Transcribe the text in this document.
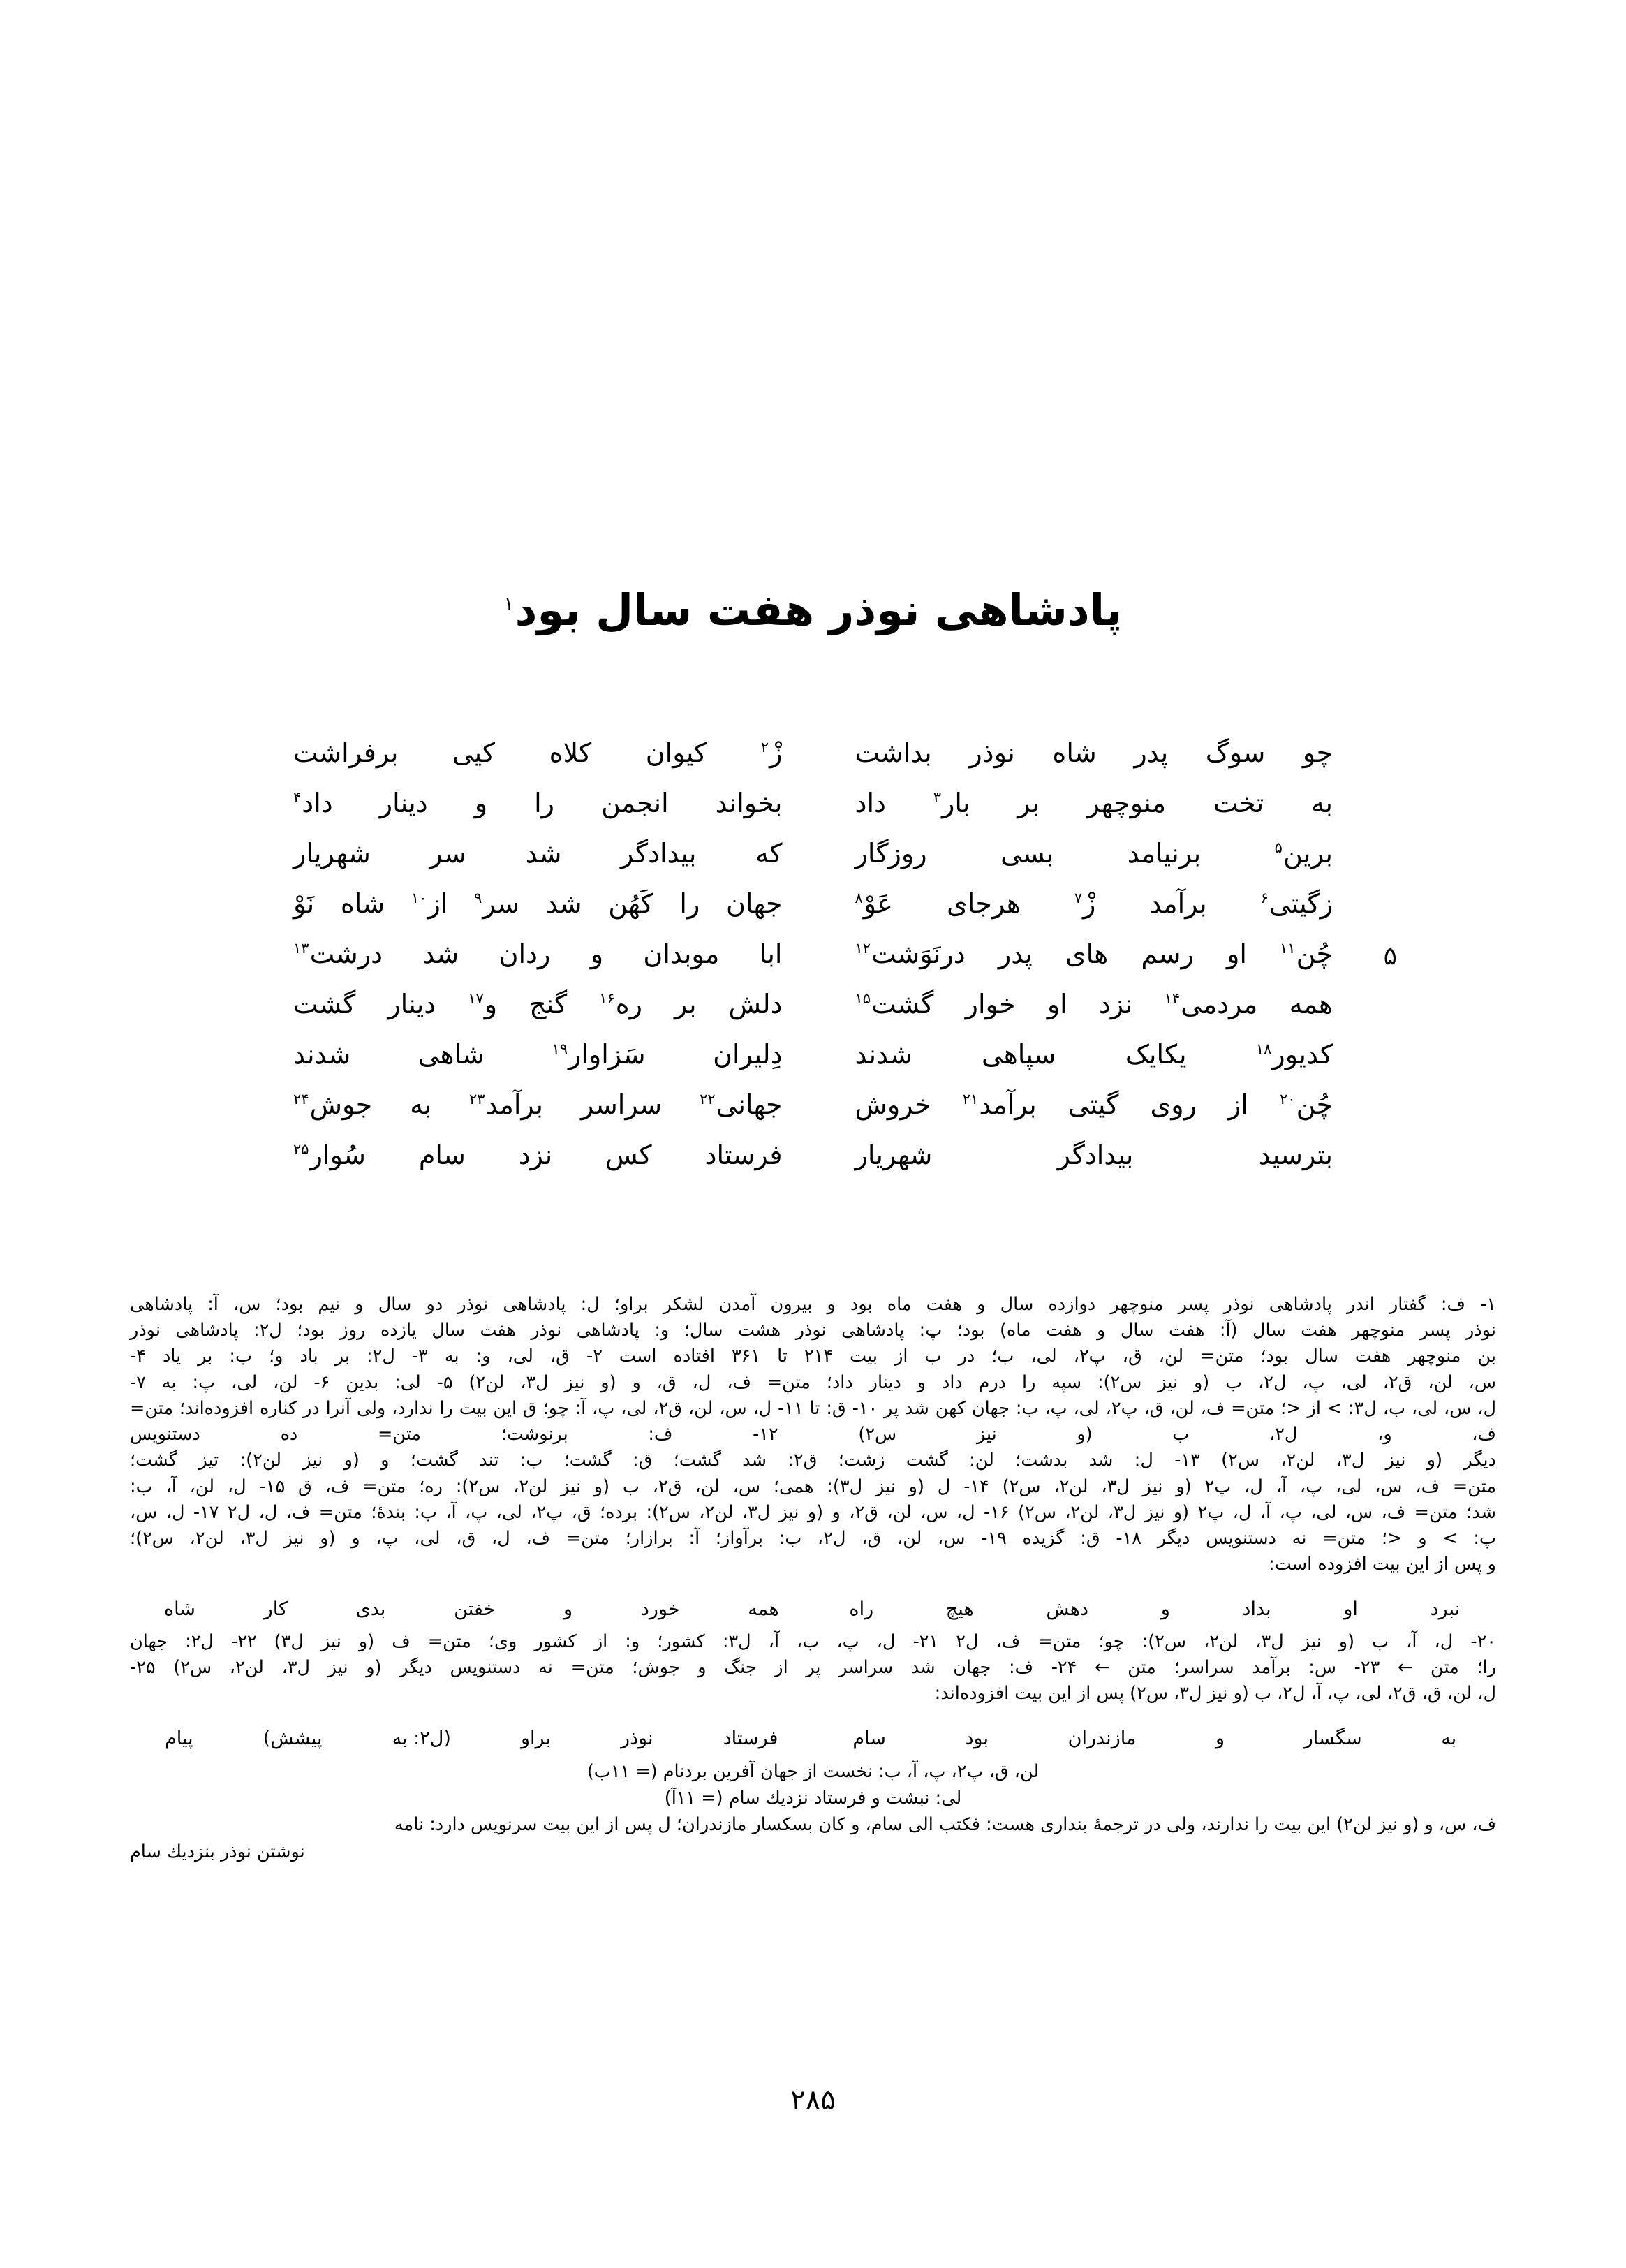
پادشاهی نوذر هفت سال بود$^۱$
چو
سوگ
پدر
شاه
نوذر
بداشت
زْ$^۲$
کیوان
کلاه
کیی
برفراشت
به
تخت
منوچهر
بر
بار$^۳$
داد
بخواند
انجمن
را
و
دینار
داد$^۴$
برین$^۵$
برنیامد
بسی
روزگار
که
بیدادگر
شد
سر
شهریار
زگیتی$^۶$
برآمد
زْ$^۷$
هرجای
عَوْ$^۸$
جهان
را
کَهُن
شد
سر$^۹$
از$^{۱۰}$
شاه
نَوْ
چُن$^{۱۱}$
او
رسم
های
پدر
درنَوَشت$^{۱۲}$
ابا
موبدان
و
ردان
شد
درشت$^{۱۳}$	۵
همه
مردمی$^{۱۴}$
نزد
او
خوار
گشت$^{۱۵}$
دلش
بر
ره$^{۱۶}$
گنج
و$^{۱۷}$
دینار
گشت
کدیور$^{۱۸}$
یکایک
سپاهی
شدند
دِلیران
سَزاوار$^{۱۹}$
شاهی
شدند
چُن$^{۲۰}$
از
روی
گیتی
برآمد$^{۲۱}$
خروش
جهانی$^{۲۲}$
سراسر
برآمد$^{۲۳}$
به
جوش$^{۲۴}$
بترسید
بیدادگر
شهریار
فرستاد
کس
نزد
سام
سُوار$^{۲۵}$

۱- ف: گفتار اندر پادشاهی نوذر پسر منوچهر دوازده سال و هفت ماه بود و بیرون آمدن لشکر براو؛ ل: پادشاهی نوذر دو سال و نیم بود؛ س، آ: پادشاهی

نوذر پسر منوچهر هفت سال (آ: هفت سال و هفت ماه) بود؛ پ: پادشاهی نوذر هشت سال؛ و: پادشاهی نوذر هفت سال یازده روز بود؛ ل٢: پادشاهی نوذر

بن منوچهر هفت سال بود؛ متن= لن، ق، پ٢، لی، ب؛ در ب از بیت ۲۱۴ تا ۳۶۱ افتاده است ۲- ق، لی، و: به ۳- ل٢: بر باد و؛ ب: بر یاد ۴-

س، لن، ق٢، لی، پ، ل٢، ب (و نیز س٢): سپه را درم داد و دینار داد؛ متن= ف، ل، ق، و (و نیز ل٣، لن٢) ۵- لی: بدین ۶- لن، لی، پ: به ۷-

ل، س، لی، ب، ل٣: > از <؛ متن= ف، لن، ق، پ٢، لی، پ، ب: جهان کهن شد پر ۱۰- ق: تا ۱۱- ل، س، لن، ق٢، لی، پ، آ: چو؛ ق این بیت را ندارد، ولی آنرا در کناره افزوده‌اند؛ متن= ف، و، ل٢، ب (و نیز س٢) ۱۲- ف: برنوشت؛ متن= ده دستنویس

دیگر (و نیز ل٣، لن٢، س٢) ۱۳- ل: شد بدشت؛ لن: گشت زشت؛ ق٢: شد گشت؛ ق: گشت؛ ب: تند گشت؛ و (و نیز لن٢): تیز گشت؛

متن= ف، س، لی، پ، آ، ل، پ٢ (و نیز ل٣، لن٢، س٢) ۱۴- ل (و نیز ل٣): همی؛ س، لن، ق٢، ب (و نیز لن٢، س٢): ره؛ متن= ف، ق ۱۵- ل، لن، آ، ب:

شد؛ متن= ف، س، لی، پ، آ، ل، پ٢ (و نیز ل٣، لن٢، س٢) ۱۶- ل، س، لن، ق٢، و (و نیز ل٣، لن٢، س٢): برده؛ ق، پ٢، لی، پ، آ، ب: بندهٔ؛ متن= ف، ل، ل٢ ۱۷- ل، س،

پ: > و <؛ متن= نه دستنویس دیگر ۱۸- ق: گزیده ۱۹- س، لن، ق، ل٢، ب: برآواز؛ آ: برازار؛ متن= ف، ل، ق، لی، پ، و (و نیز ل٣، لن٢، س٢)؛

و پس از این بیت افزوده است:

نبرد
او
بداد
و
دهش
هیچ
راه
همه
خورد
و
خفتن
بدی
کار
شاه

۲۰- ل، آ، ب (و نیز ل٣، لن٢، س٢): چو؛ متن= ف، ل٢ ۲۱- ل، پ، ب، آ، ل٣: کشور؛ و: از کشور وی؛ متن= ف (و نیز ل٣) ۲۲- ل٢: جهان

را؛ متن ← ۲۳- س: برآمد سراسر؛ متن ← ۲۴- ف: جهان شد سراسر پر از جنگ و جوش؛ متن= نه دستنویس دیگر (و نیز ل٣، لن٢، س٢) ۲۵-

ل، لن، ق، ق٢، لی، پ، آ، ل٢، ب (و نیز ل٣، س٢) پس از این بیت افزوده‌اند:

به
سگسار
و
مازندران
بود
سام
فرستاد
نوذر
براو
(ل٢: به
پیشش)
پیام

لن، ق، پ٢، پ، آ، ب: نخست از جهان آفرین بردنام (= ۱۱ب)

لی: نبشت و فرستاد نزدیك سام (= ۱۱آ)

ف، س، و (و نیز لن٢) این بیت را ندارند، ولی در ترجمهٔ بنداری هست: فکتب الی سام، و کان بسکسار مازندران؛ ل پس از این بیت سرنویس دارد: نامه

نوشتن نوذر بنزدیك سام

۲۸۵
